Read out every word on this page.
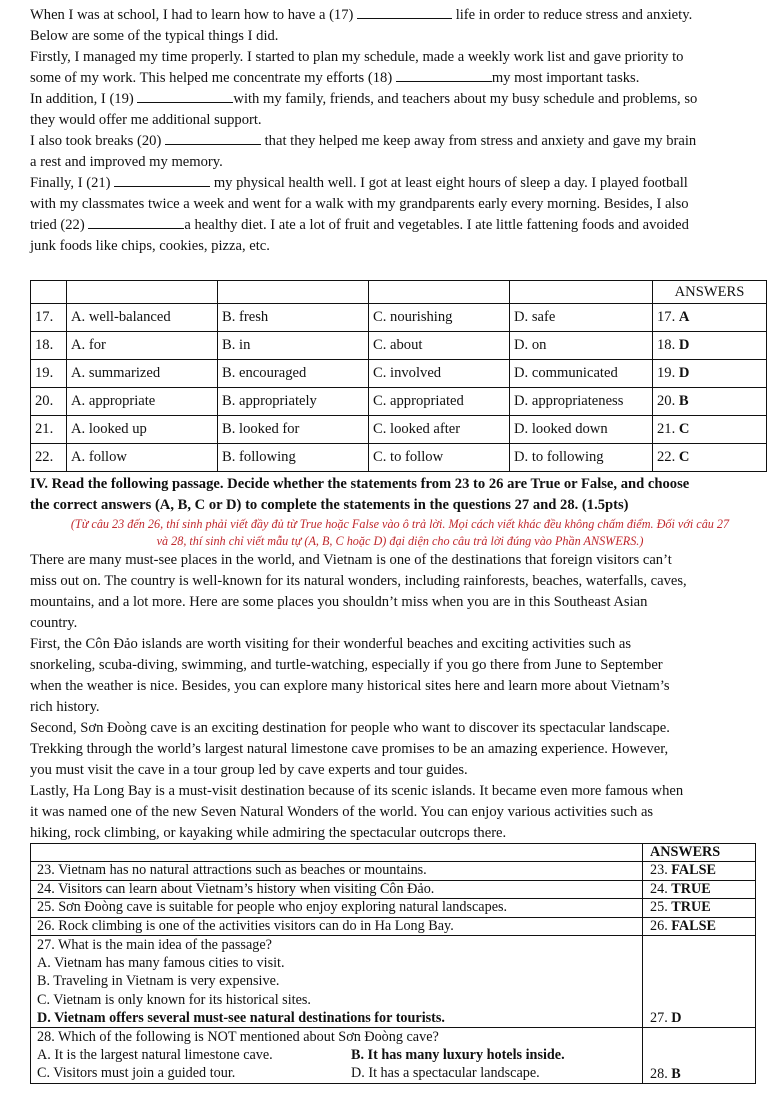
When I was at school, I had to learn how to have a (17)	life in order to reduce stress and anxiety.

Below are some of the typical things I did.

Firstly, I managed my time properly. I started to plan my schedule, made a weekly work list and gave priority to

some of my work. This helped me concentrate my efforts (18)	my most important tasks.

In addition, I (19)	with my family, friends, and teachers about my busy schedule and problems, so

they would offer me additional support.

I also took breaks (20)	that they helped me keep away from stress and anxiety and gave my brain

a rest and improved my memory.

Finally, I (21)	my physical health well. I got at least eight hours of sleep a day. I played football

with my classmates twice a week and went for a walk with my grandparents early every morning. Besides, I also

tried (22)	a healthy diet. I ate a lot of fruit and vegetables. I ate little fattening foods and avoided

junk foods like chips, cookies, pizza, etc.

					ANSWERS
17.	A. well-balanced	B. fresh	C. nourishing	D. safe	17. A
18.	A. for	B. in	C. about	D. on	18. D
19.	A. summarized	B. encouraged	C. involved	D. communicated	19. D
20.	A. appropriate	B. appropriately	C. appropriated	D. appropriateness	20. B
21.	A. looked up	B. looked for	C. looked after	D. looked down	21. C
22.	A. follow	B. following	C. to follow	D. to following	22. C
IV. Read the following passage. Decide whether the statements from 23 to 26 are True or False, and choose
the correct answers (A, B, C or D) to complete the statements in the questions 27 and 28. (1.5pts)
(Từ câu 23 đến 26, thí sinh phải viết đầy đủ từ True hoặc False vào ô trả lời. Mọi cách viết khác đều không chấm điểm. Đối với câu 27
và 28, thí sinh chỉ viết mẫu tự (A, B, C hoặc D) đại diện cho câu trả lời đúng vào Phần ANSWERS.)

There are many must-see places in the world, and Vietnam is one of the destinations that foreign visitors can’t

miss out on. The country is well-known for its natural wonders, including rainforests, beaches, waterfalls, caves,

mountains, and a lot more. Here are some places you shouldn’t miss when you are in this Southeast Asian

country.

First, the Côn Đảo islands are worth visiting for their wonderful beaches and exciting activities such as

snorkeling, scuba-diving, swimming, and turtle-watching, especially if you go there from June to September

when the weather is nice. Besides, you can explore many historical sites here and learn more about Vietnam’s

rich history.

Second, Sơn Đoòng cave is an exciting destination for people who want to discover its spectacular landscape.

Trekking through the world’s largest natural limestone cave promises to be an amazing experience. However,

you must visit the cave in a tour group led by cave experts and tour guides.

Lastly, Ha Long Bay is a must-visit destination because of its scenic islands. It became even more famous when

it was named one of the new Seven Natural Wonders of the world. You can enjoy various activities such as

hiking, rock climbing, or kayaking while admiring the spectacular outcrops there.

	ANSWERS
23. Vietnam has no natural attractions such as beaches or mountains.	23. FALSE
24. Visitors can learn about Vietnam’s history when visiting Côn Đảo.	24. TRUE
25. Sơn Đoòng cave is suitable for people who enjoy exploring natural landscapes.	25. TRUE
26. Rock climbing is one of the activities visitors can do in Ha Long Bay.	26. FALSE

27. What is the main idea of the passage?
A. Vietnam has many famous cities to visit.
B. Traveling in Vietnam is very expensive.
C. Vietnam is only known for its historical sites.
D. Vietnam offers several must-see natural destinations for tourists.	27. D

28. Which of the following is NOT mentioned about Sơn Đoòng cave?
A. It is the largest natural limestone cave. B. It has many luxury hotels inside.
C. Visitors must join a guided tour. D. It has a spectacular landscape.	28. B
